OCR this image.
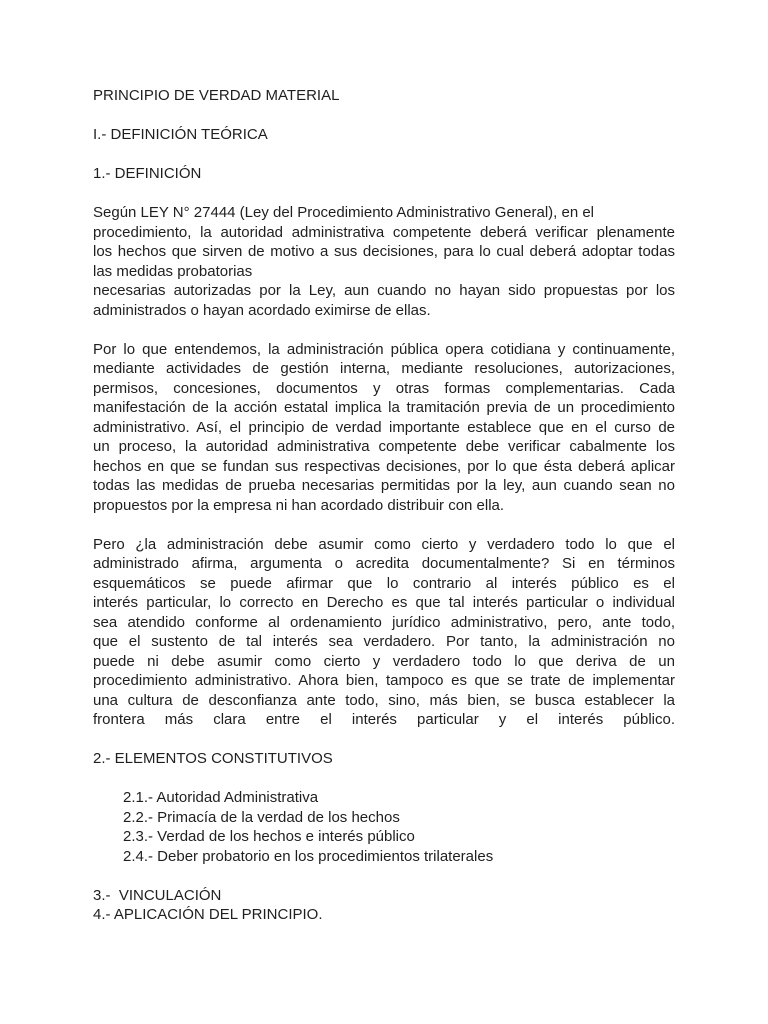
PRINCIPIO DE VERDAD MATERIAL

I.- DEFINICIÓN TEÓRICA

1.- DEFINICIÓN

Según LEY N° 27444 (Ley del Procedimiento Administrativo General), en el
procedimiento, la autoridad administrativa competente deberá verificar plenamente
los hechos que sirven de motivo a sus decisiones, para lo cual deberá adoptar todas
las medidas probatorias
necesarias autorizadas por la Ley, aun cuando no hayan sido propuestas por los
administrados o hayan acordado eximirse de ellas.
Por lo que entendemos, la administración pública opera cotidiana y continuamente,
mediante actividades de gestión interna, mediante resoluciones, autorizaciones,
permisos, concesiones, documentos y otras formas complementarias. Cada
manifestación de la acción estatal implica la tramitación previa de un procedimiento
administrativo. Así, el principio de verdad importante establece que en el curso de
un proceso, la autoridad administrativa competente debe verificar cabalmente los
hechos en que se fundan sus respectivas decisiones, por lo que ésta deberá aplicar
todas las medidas de prueba necesarias permitidas por la ley, aun cuando sean no
propuestos por la empresa ni han acordado distribuir con ella.
Pero ¿la administración debe asumir como cierto y verdadero todo lo que el
administrado afirma, argumenta o acredita documentalmente? Si en términos
esquemáticos se puede afirmar que lo contrario al interés público es el
interés particular, lo correcto en Derecho es que tal interés particular o individual
sea atendido conforme al ordenamiento jurídico administrativo, pero, ante todo,
que el sustento de tal interés sea verdadero. Por tanto, la administración no
puede ni debe asumir como cierto y verdadero todo lo que deriva de un
procedimiento administrativo. Ahora bien, tampoco es que se trate de implementar
una cultura de desconfianza ante todo, sino, más bien, se busca establecer la
frontera más clara entre el interés particular y el interés público.

2.- ELEMENTOS CONSTITUTIVOS

2.1.- Autoridad Administrativa
2.2.- Primacía de la verdad de los hechos
2.3.- Verdad de los hechos e interés público
2.4.- Deber probatorio en los procedimientos trilaterales

3.-  VINCULACIÓN

4.- APLICACIÓN DEL PRINCIPIO.
